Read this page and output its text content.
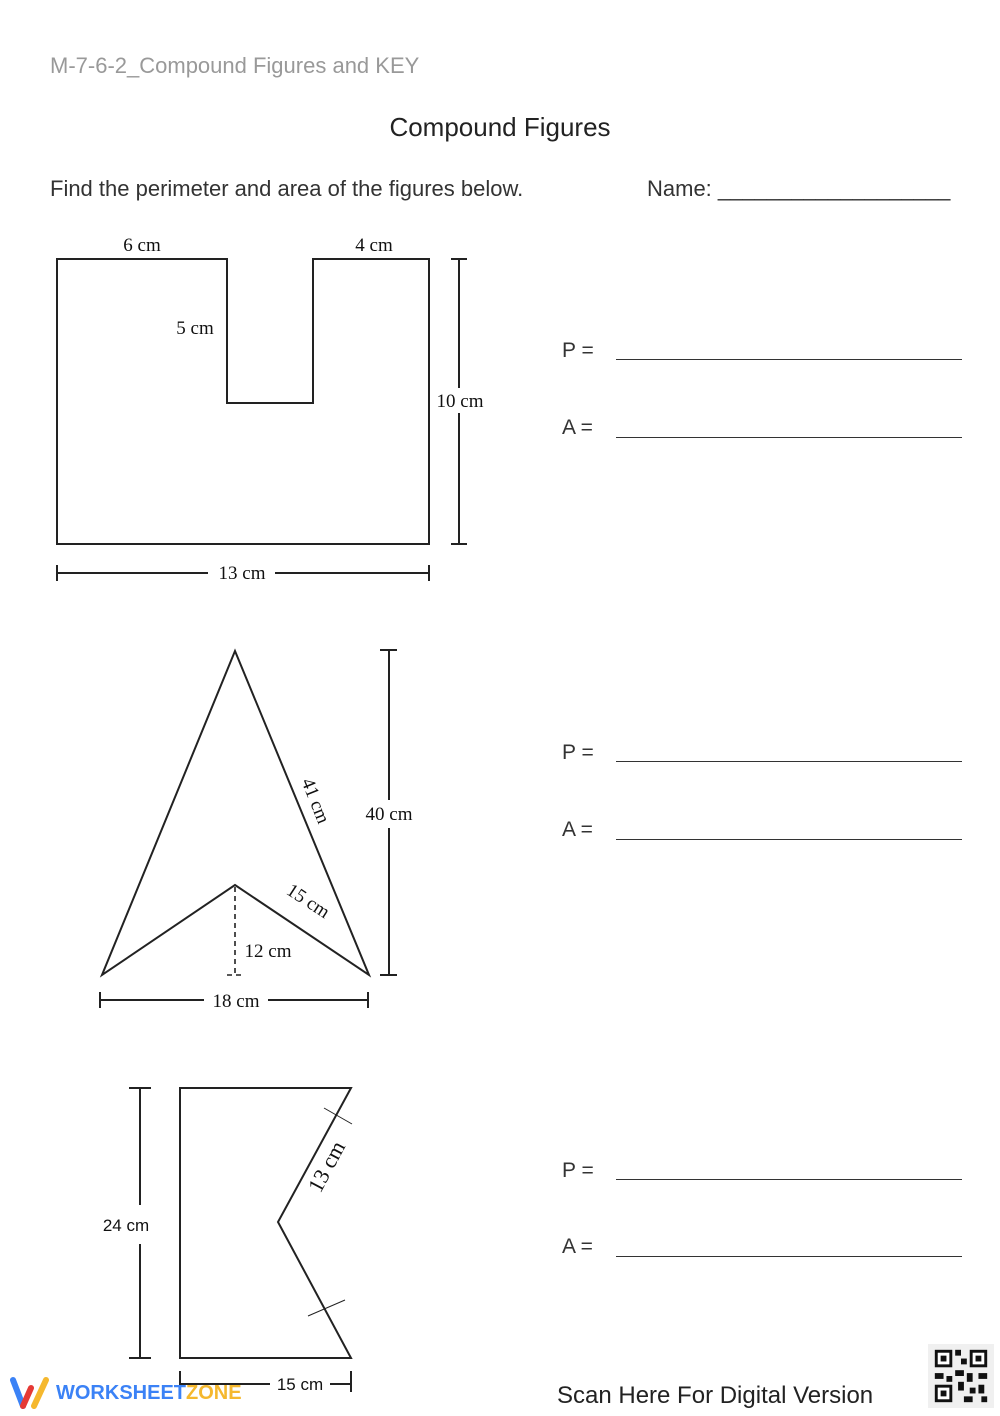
M-7-6-2_Compound Figures and KEY
Compound Figures
Find the perimeter and area of the figures below.	Name: ___________________
6 cm	4 cm
5 cm
10 cm
13 cm
41 cm
15 cm
12 cm
40 cm
18 cm
13 cm
24 cm
15 cm
P =
A =
P =
A =
P =
A =
WORKSHEETZONE	Scan Here For Digital Version
